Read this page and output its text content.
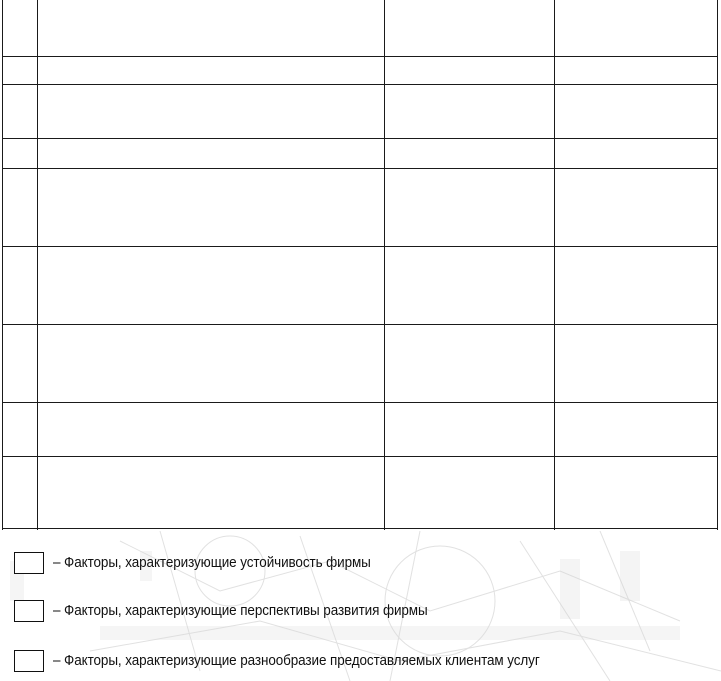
– Факторы, характеризующие устойчивость фирмы
– Факторы, характеризующие перспективы развития фирмы
– Факторы, характеризующие разнообразие предоставляемых клиентам услуг
